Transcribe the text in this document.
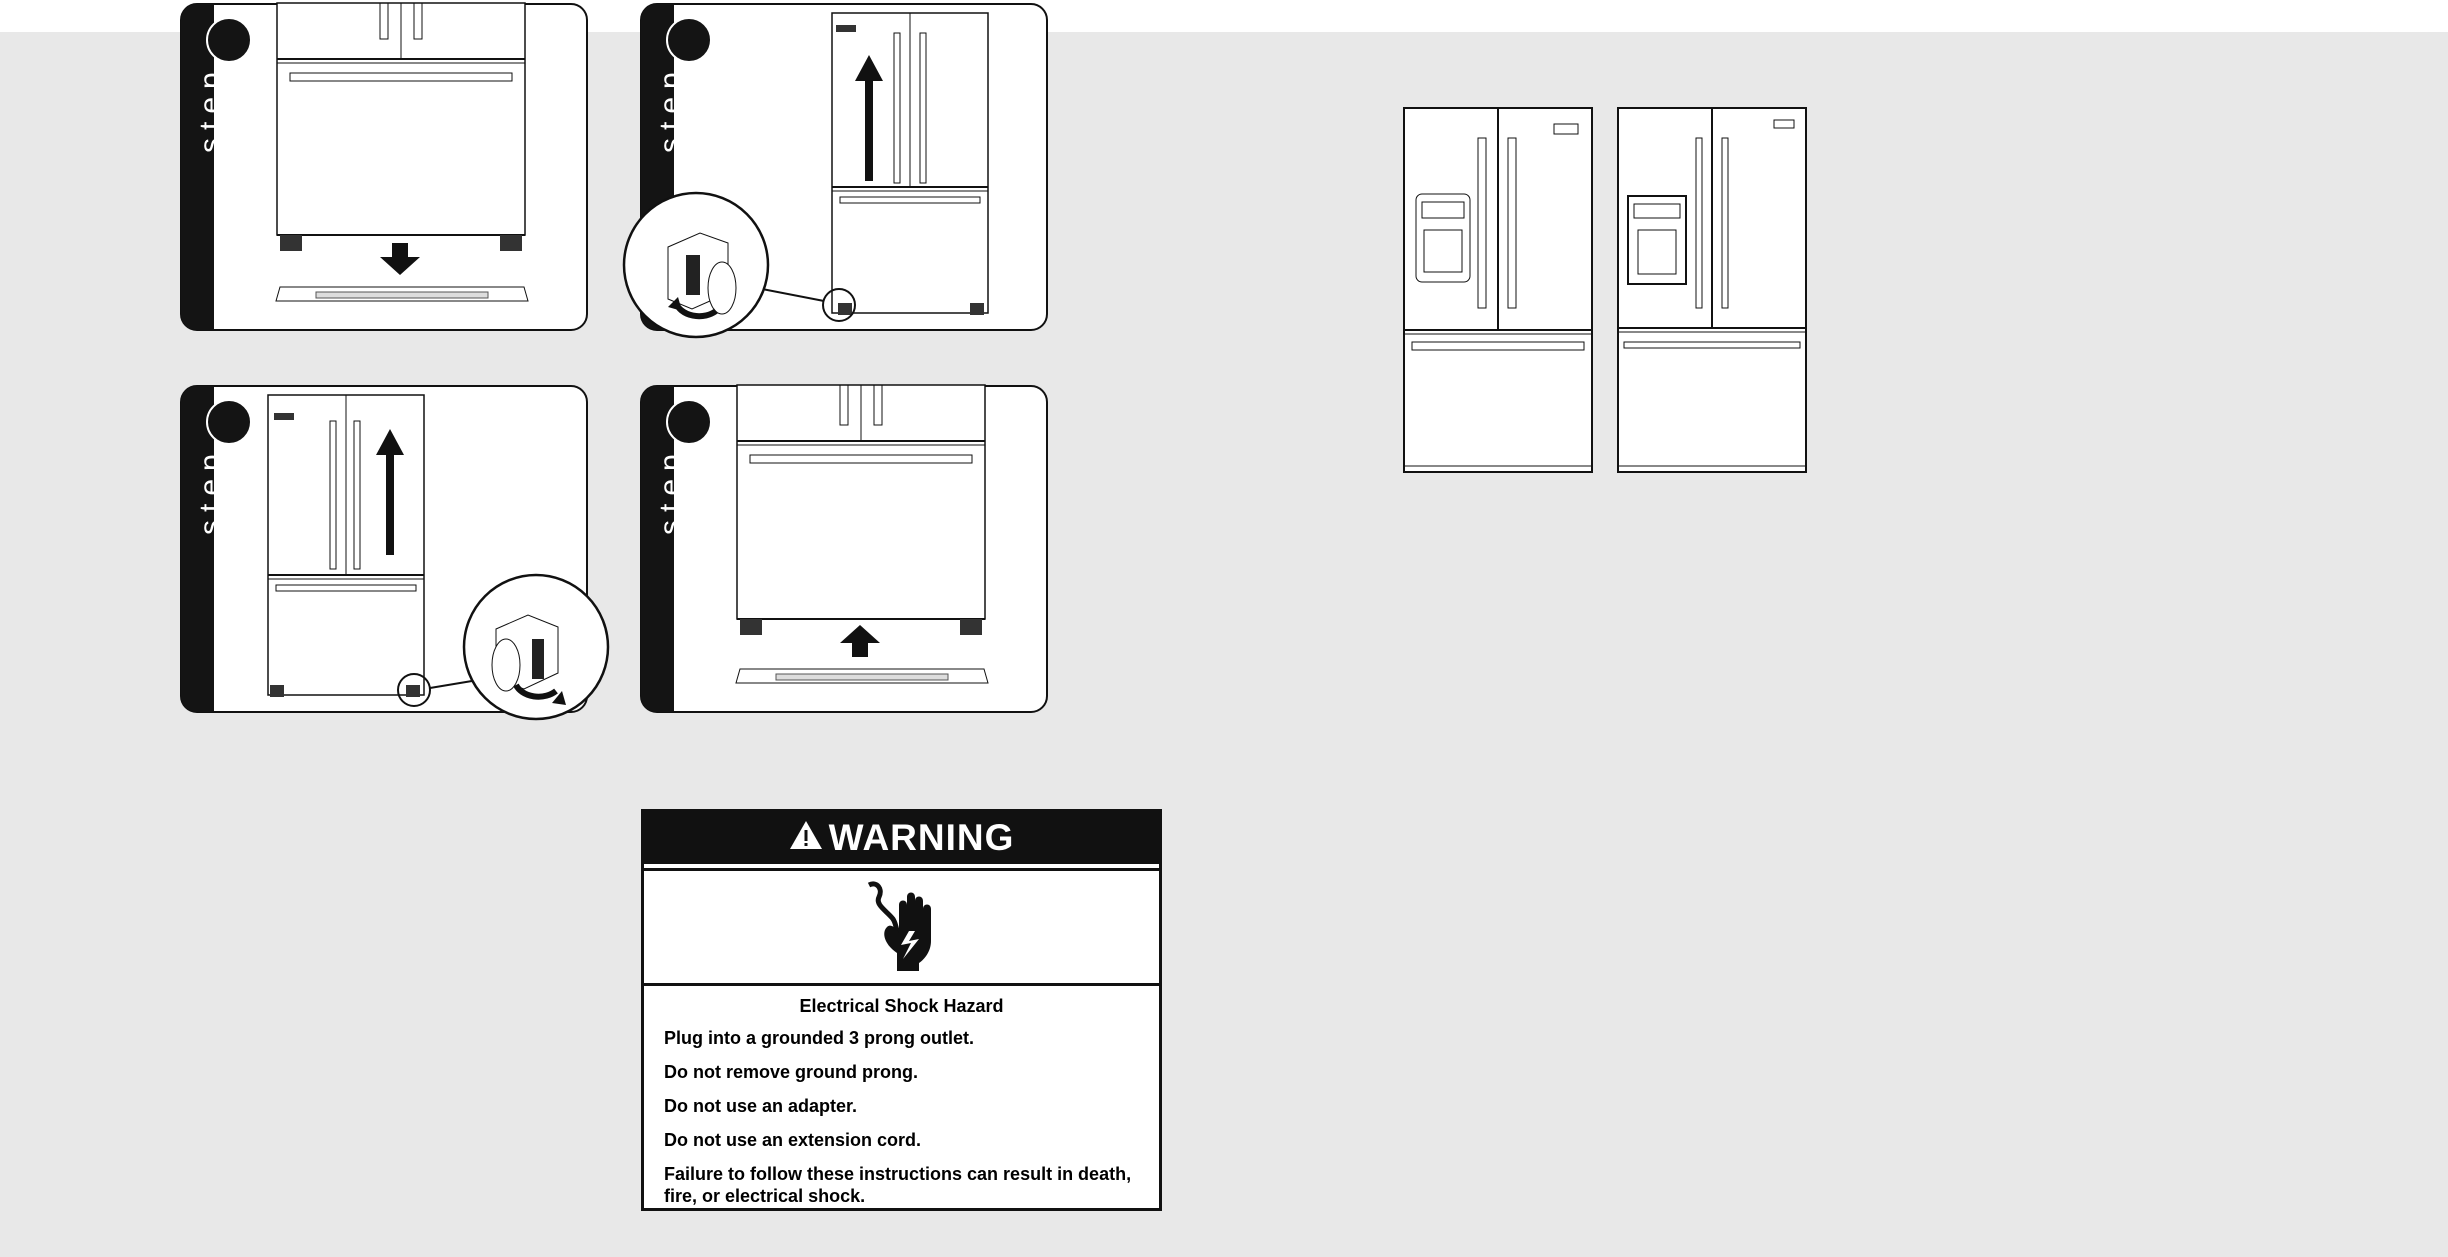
step	step
step	step
WARNING
Electrical Shock Hazard
Plug into a grounded 3 prong outlet.
Do not remove ground prong.
Do not use an adapter.
Do not use an extension cord.
Failure to follow these instructions can result in death, fire, or electrical shock.
